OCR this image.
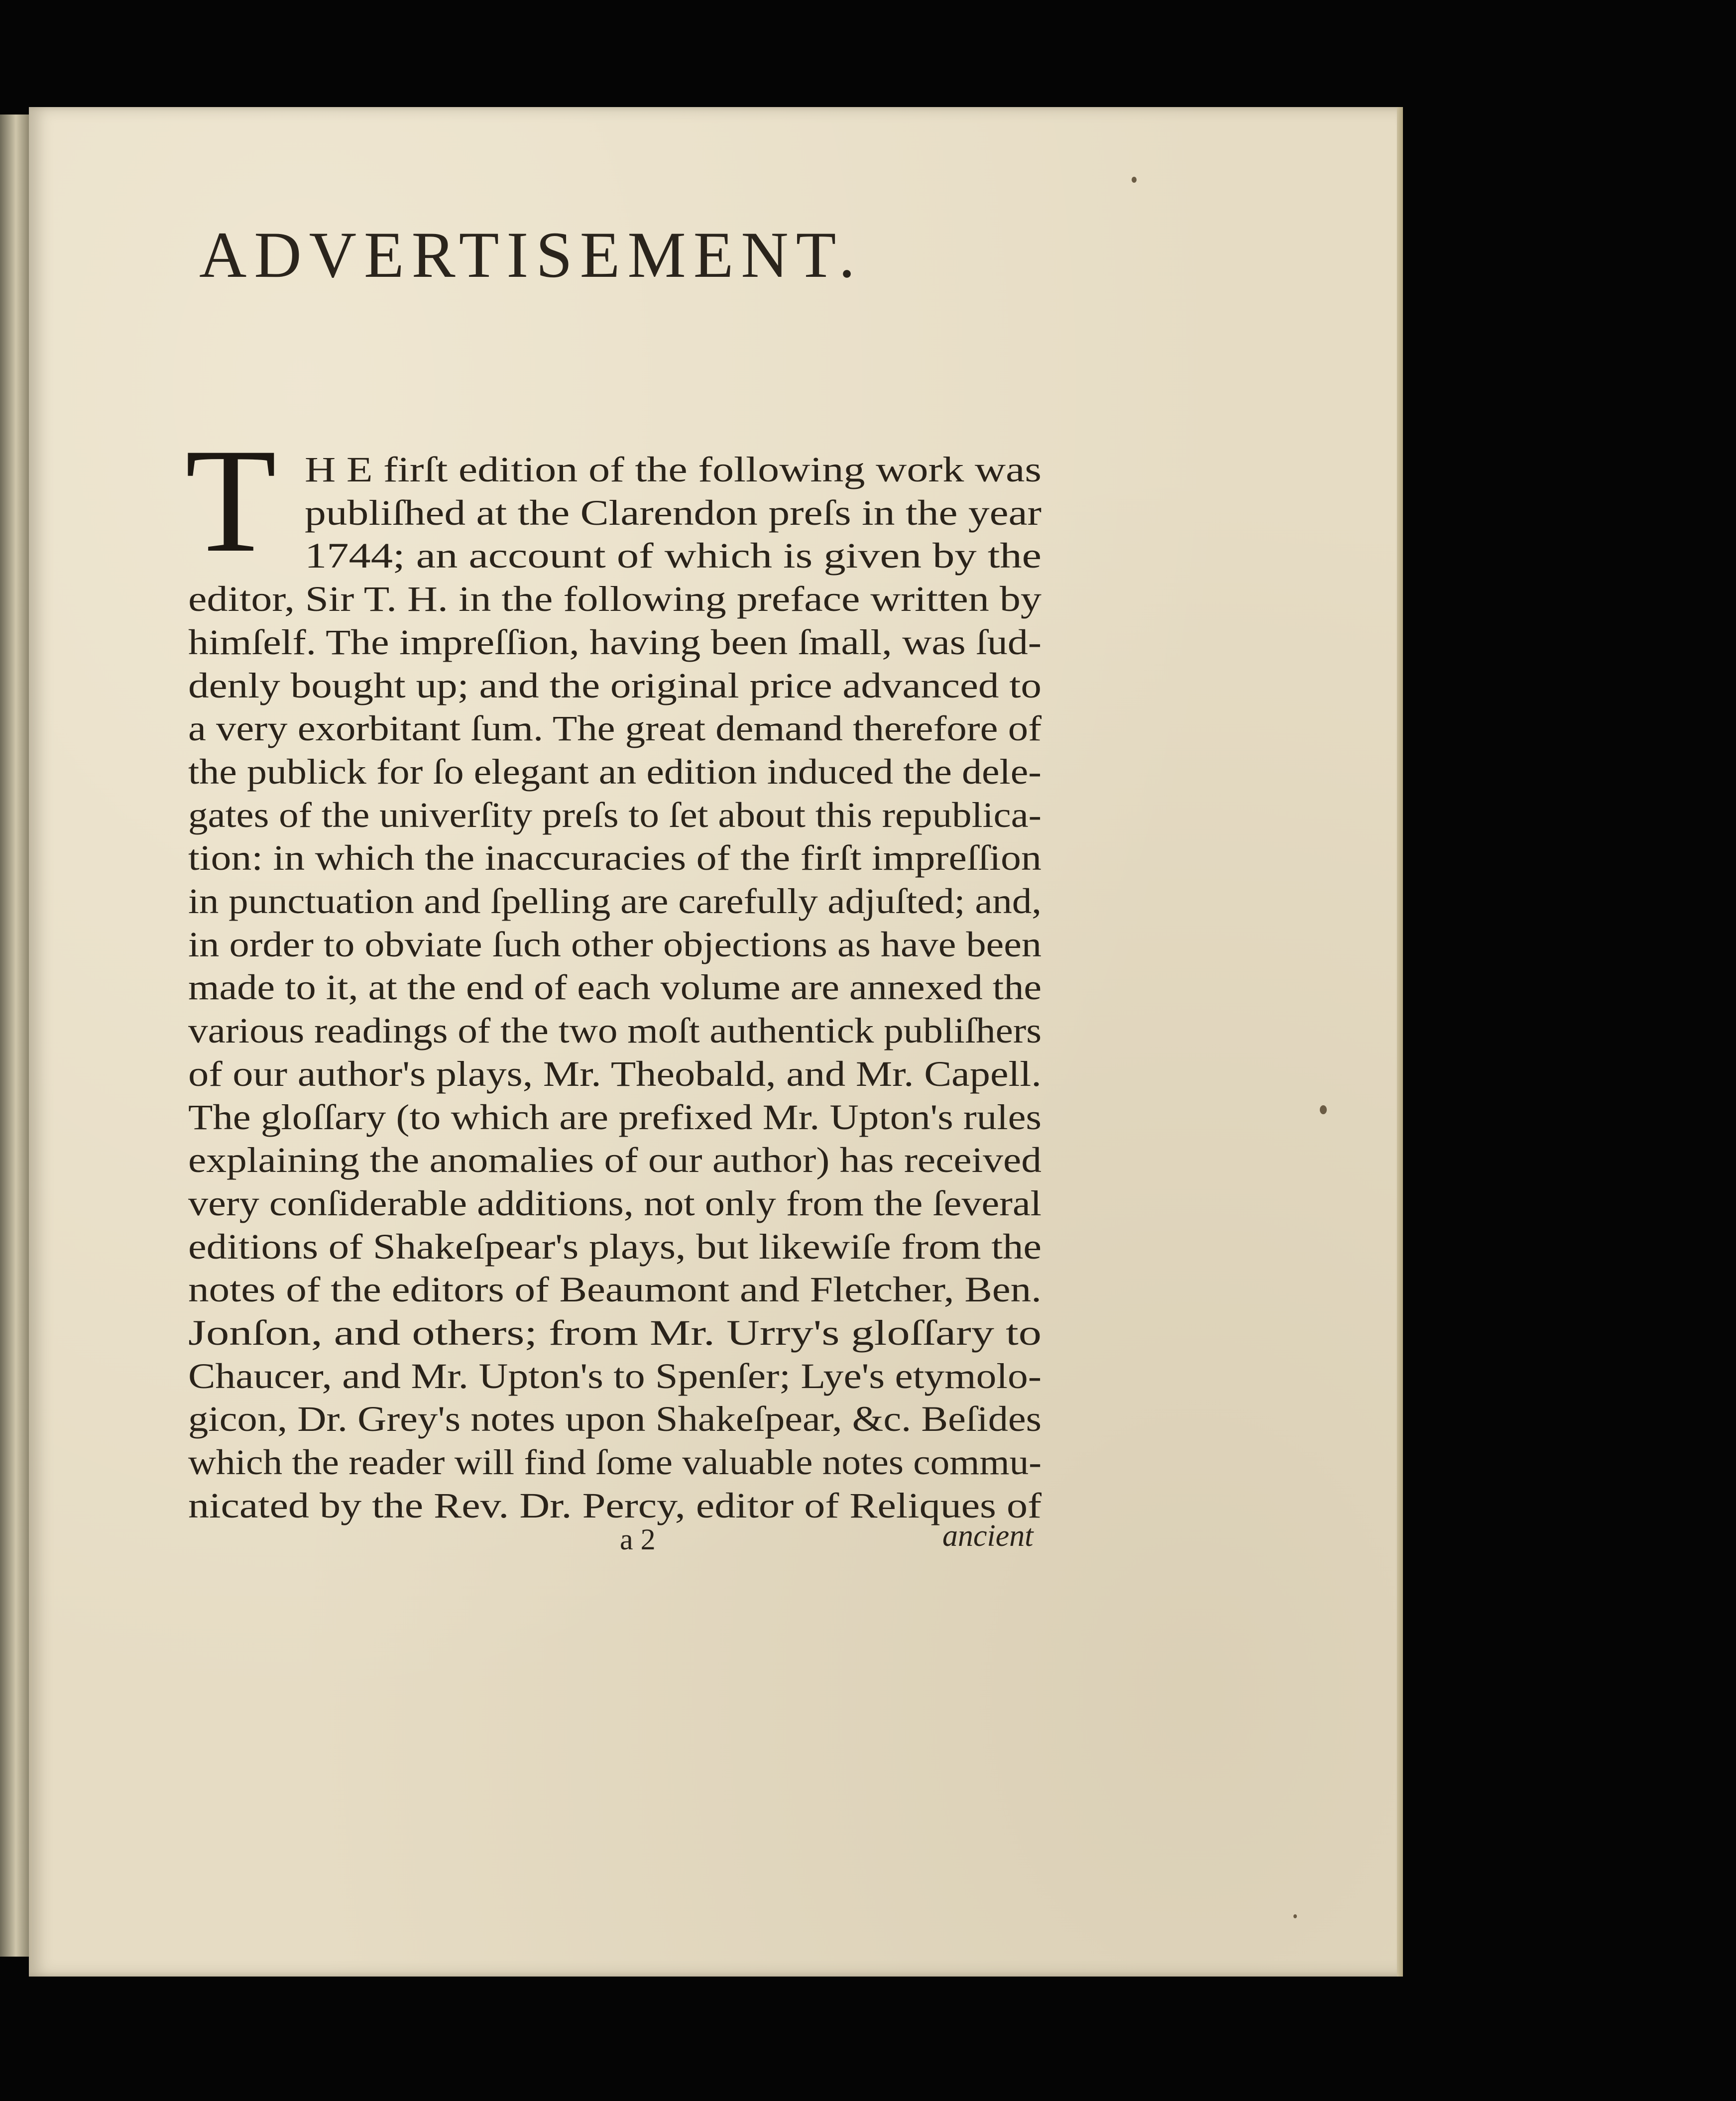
ADVERTISEMENT.
T H E firſt edition of the following work was

publiſhed at the Clarendon preſs in the year

1744; an account of which is given by the

editor, Sir T. H. in the following preface written by

himſelf. The impreſſion, having been ſmall, was ſud-

denly bought up; and the original price advanced to

a very exorbitant ſum. The great demand therefore of

the publick for ſo elegant an edition induced the dele-

gates of the univerſity preſs to ſet about this republica-

tion: in which the inaccuracies of the firſt impreſſion

in punctuation and ſpelling are carefully adjuſted; and,

in order to obviate ſuch other objections as have been

made to it, at the end of each volume are annexed the

various readings of the two moſt authentick publiſhers

of our author's plays, Mr. Theobald, and Mr. Capell.

The gloſſary (to which are prefixed Mr. Upton's rules

explaining the anomalies of our author) has received

very conſiderable additions, not only from the ſeveral

editions of Shakeſpear's plays, but likewiſe from the

notes of the editors of Beaumont and Fletcher, Ben.

Jonſon, and others; from Mr. Urry's gloſſary to

Chaucer, and Mr. Upton's to Spenſer; Lye's etymolo-

gicon, Dr. Grey's notes upon Shakeſpear, &c. Beſides

which the reader will find ſome valuable notes commu-

nicated by the Rev. Dr. Percy, editor of Reliques of

a 2	ancient
